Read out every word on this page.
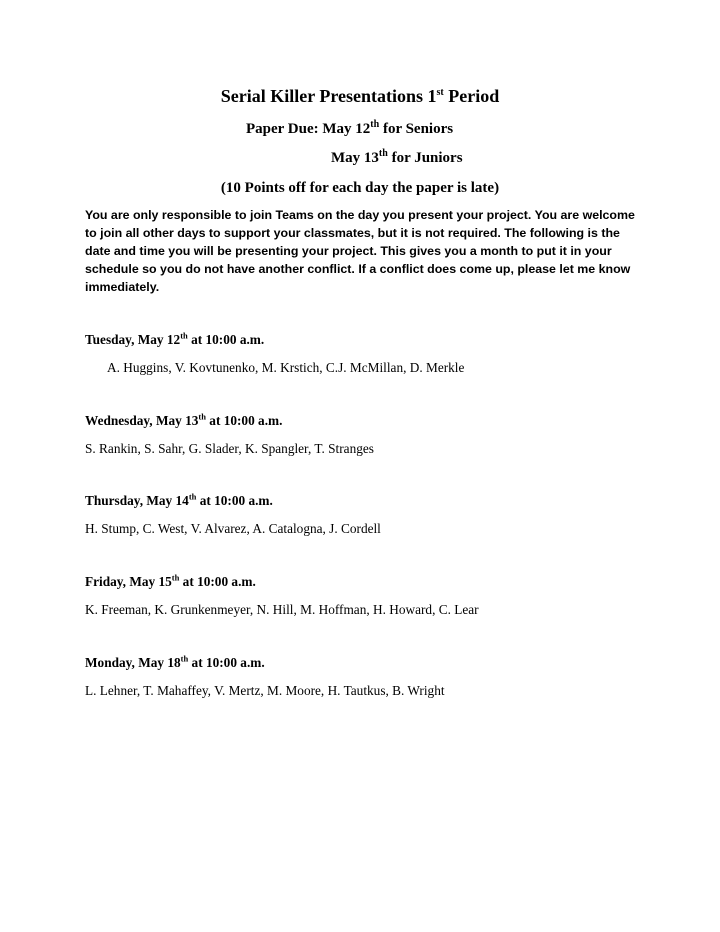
Serial Killer Presentations 1st Period
Paper Due: May 12th for Seniors
May 13th for Juniors
(10 Points off for each day the paper is late)
You are only responsible to join Teams on the day you present your project. You are welcome to join all other days to support your classmates, but it is not required. The following is the date and time you will be presenting your project. This gives you a month to put it in your schedule so you do not have another conflict. If a conflict does come up, please let me know immediately.
Tuesday, May 12th at 10:00 a.m.
A. Huggins, V. Kovtunenko, M. Krstich, C.J. McMillan, D. Merkle
Wednesday, May 13th at 10:00 a.m.
S. Rankin, S. Sahr, G. Slader, K. Spangler, T. Stranges
Thursday, May 14th at 10:00 a.m.
H. Stump, C. West, V. Alvarez, A. Catalogna, J. Cordell
Friday, May 15th at 10:00 a.m.
K. Freeman, K. Grunkenmeyer, N. Hill, M. Hoffman, H. Howard, C. Lear
Monday, May 18th at 10:00 a.m.
L. Lehner, T. Mahaffey, V. Mertz, M. Moore, H. Tautkus, B. Wright
